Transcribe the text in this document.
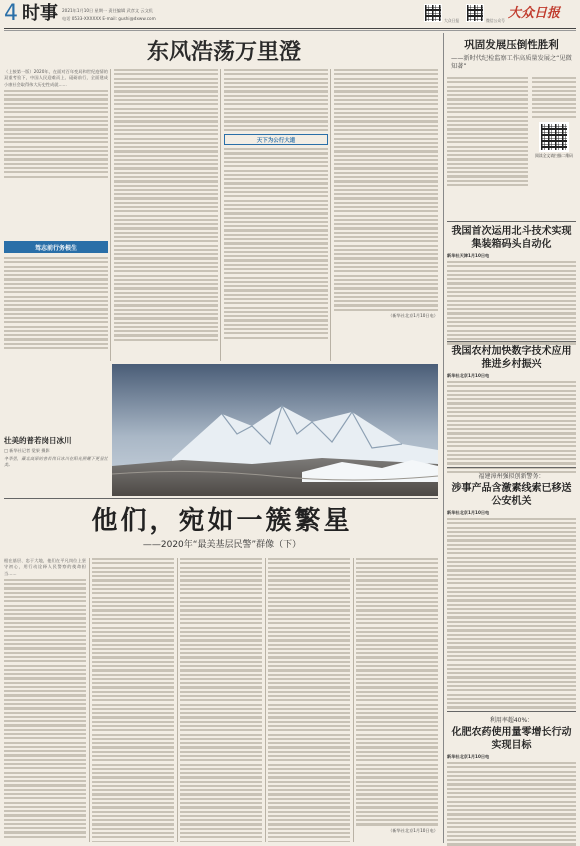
4 时事 2021年1月10日 星期一 责任编辑 武彦文 云文仉
电话 0533-XXXXXX E-mail: gushi@dxww.com	大众日报	微信公众号 大众日报
东风浩荡万里澄
（上接第一版）2020年，在面对百年变局和世纪疫情的双重考验下，中国人民迎难而上、砥砺前行，全面建成小康社会取得伟大历史性成就……
驾志前行务根生
天下为公行大道
（新华社北京1月10日电）
壮美的普若岗日冰川
□ 新华社记者 觉果 摄影
冬季里，藏北高原的普若岗日冰川在阳光照耀下更显壮美。
他们，宛如一簇繁星
——2020年“最美基层民警”群像（下）
根在基层、忠于大地，他们在平凡岗位上坚守初心，用行动诠释人民警察的使命担当……
（新华社北京1月10日电）
巩固发展压倒性胜利
——新时代纪检监察工作高质量发展之“见微知著”
阅读全文请扫描二维码
我国首次运用北斗技术实现集装箱码头自动化
新华社天津1月10日电
我国农村加快数字技术应用推进乡村振兴
新华社北京1月10日电
福建漳州强拟创新警务：
涉事产品含激素线索已移送公安机关
新华社北京1月10日电
利用率超40%：
化肥农药使用量零增长行动实现目标
新华社北京1月10日电
